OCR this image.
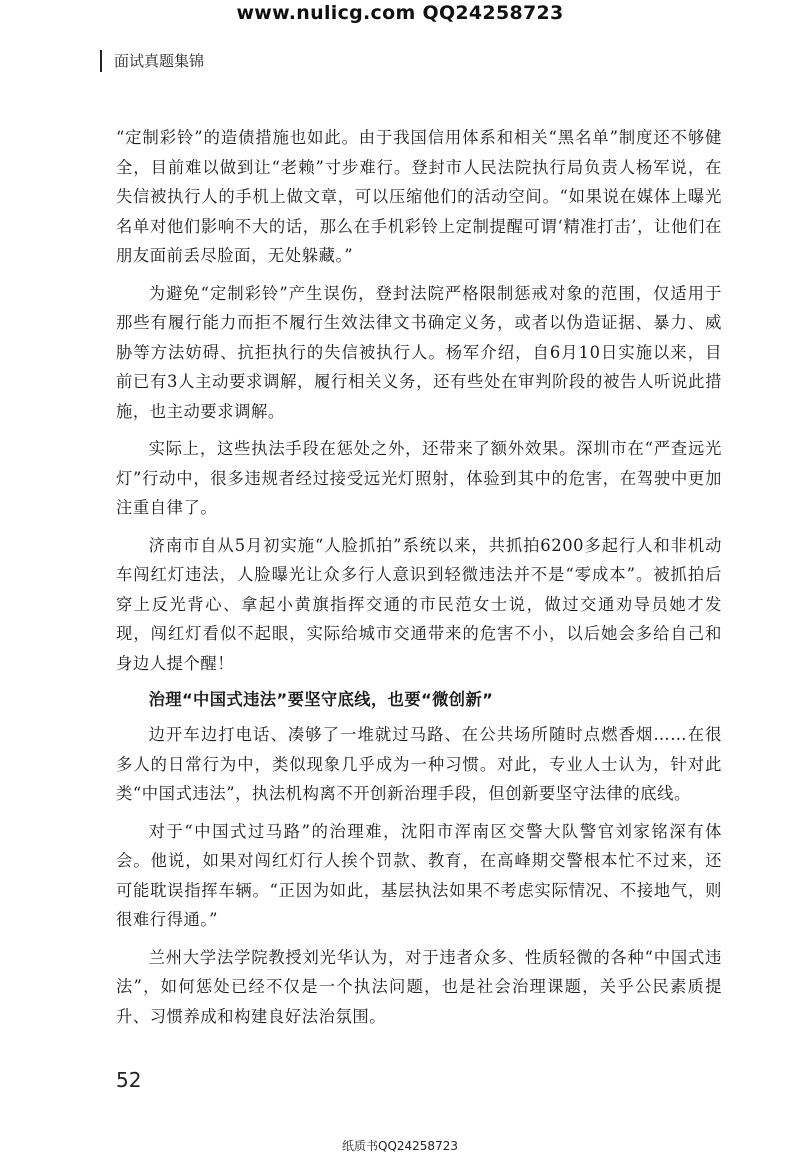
www.nulicg.com QQ24258723
面试真题集锦

“定制彩铃”的造债措施也如此。由于我国信用体系和相关“黑名单”制度还不够健全，目前难以做到让“老赖”寸步难行。登封市人民法院执行局负责人杨军说，在失信被执行人的手机上做文章，可以压缩他们的活动空间。“如果说在媒体上曝光名单对他们影响不大的话，那么在手机彩铃上定制提醒可谓‘精准打击’，让他们在朋友面前丢尽脸面，无处躲藏。”

为避免“定制彩铃”产生误伤，登封法院严格限制惩戒对象的范围，仅适用于那些有履行能力而拒不履行生效法律文书确定义务，或者以伪造证据、暴力、威胁等方法妨碍、抗拒执行的失信被执行人。杨军介绍，自6月10日实施以来，目前已有3人主动要求调解，履行相关义务，还有些处在审判阶段的被告人听说此措施，也主动要求调解。

实际上，这些执法手段在惩处之外，还带来了额外效果。深圳市在“严查远光灯”行动中，很多违规者经过接受远光灯照射，体验到其中的危害，在驾驶中更加注重自律了。

济南市自从5月初实施“人脸抓拍”系统以来，共抓拍6200多起行人和非机动车闯红灯违法，人脸曝光让众多行人意识到轻微违法并不是“零成本”。被抓拍后穿上反光背心、拿起小黄旗指挥交通的市民范女士说，做过交通劝导员她才发现，闯红灯看似不起眼，实际给城市交通带来的危害不小，以后她会多给自己和身边人提个醒！

治理“中国式违法”要坚守底线，也要“微创新”

边开车边打电话、凑够了一堆就过马路、在公共场所随时点燃香烟……在很多人的日常行为中，类似现象几乎成为一种习惯。对此，专业人士认为，针对此类“中国式违法”，执法机构离不开创新治理手段，但创新要坚守法律的底线。

对于“中国式过马路”的治理难，沈阳市浑南区交警大队警官刘家铭深有体会。他说，如果对闯红灯行人挨个罚款、教育，在高峰期交警根本忙不过来，还可能耽误指挥车辆。“正因为如此，基层执法如果不考虑实际情况、不接地气，则很难行得通。”

兰州大学法学院教授刘光华认为，对于违者众多、性质轻微的各种“中国式违法”，如何惩处已经不仅是一个执法问题，也是社会治理课题，关乎公民素质提升、习惯养成和构建良好法治氛围。

52
纸质书QQ24258723
